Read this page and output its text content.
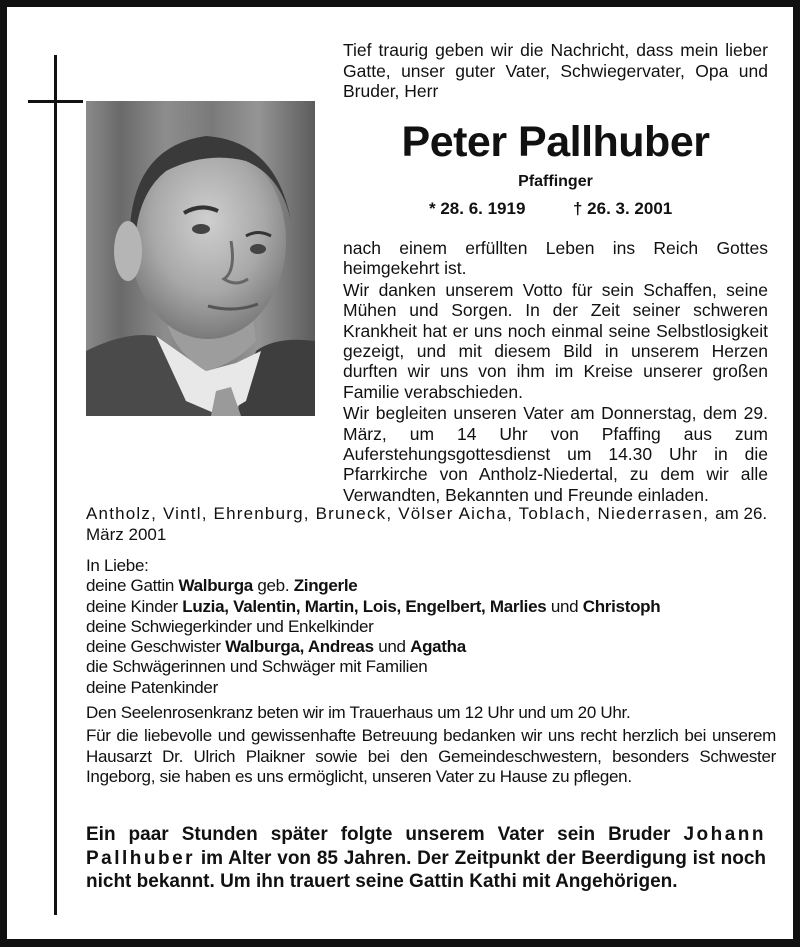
Tief traurig geben wir die Nachricht, dass mein lieber Gatte, unser guter Vater, Schwiegervater, Opa und Bruder, Herr

Peter Pallhuber
Pfaffinger
* 28. 6. 1919	† 26. 3. 2001

nach einem erfüllten Leben ins Reich Gottes heimgekehrt ist.

Wir danken unserem Votto für sein Schaffen, seine Mühen und Sorgen. In der Zeit seiner schweren Krankheit hat er uns noch einmal seine Selbstlosigkeit gezeigt, und mit diesem Bild in unserem Herzen durften wir uns von ihm im Kreise unserer großen Familie verabschieden.

Wir begleiten unseren Vater am Donnerstag, dem 29. März, um 14 Uhr von Pfaffing aus zum Auferstehungsgottesdienst um 14.30 Uhr in die Pfarrkirche von Antholz-Niedertal, zu dem wir alle Verwandten, Bekannten und Freunde einladen.

Antholz, Vintl, Ehrenburg, Bruneck, Völser Aicha, Toblach, Niederrasen, am 26. März 2001
In Liebe:
deine Gattin Walburga geb. Zingerle
deine Kinder Luzia, Valentin, Martin, Lois, Engelbert, Marlies und Christoph
deine Schwiegerkinder und Enkelkinder
deine Geschwister Walburga, Andreas und Agatha
die Schwägerinnen und Schwäger mit Familien
deine Patenkinder
Den Seelenrosenkranz beten wir im Trauerhaus um 12 Uhr und um 20 Uhr.
Für die liebevolle und gewissenhafte Betreuung bedanken wir uns recht herzlich bei unserem Hausarzt Dr. Ulrich Plaikner sowie bei den Gemeindeschwestern, besonders Schwester Ingeborg, sie haben es uns ermöglicht, unseren Vater zu Hause zu pflegen.
Ein paar Stunden später folgte unserem Vater sein Bruder Johann Pallhuber im Alter von 85 Jahren. Der Zeitpunkt der Beerdigung ist noch nicht bekannt. Um ihn trauert seine Gattin Kathi mit Angehörigen.
